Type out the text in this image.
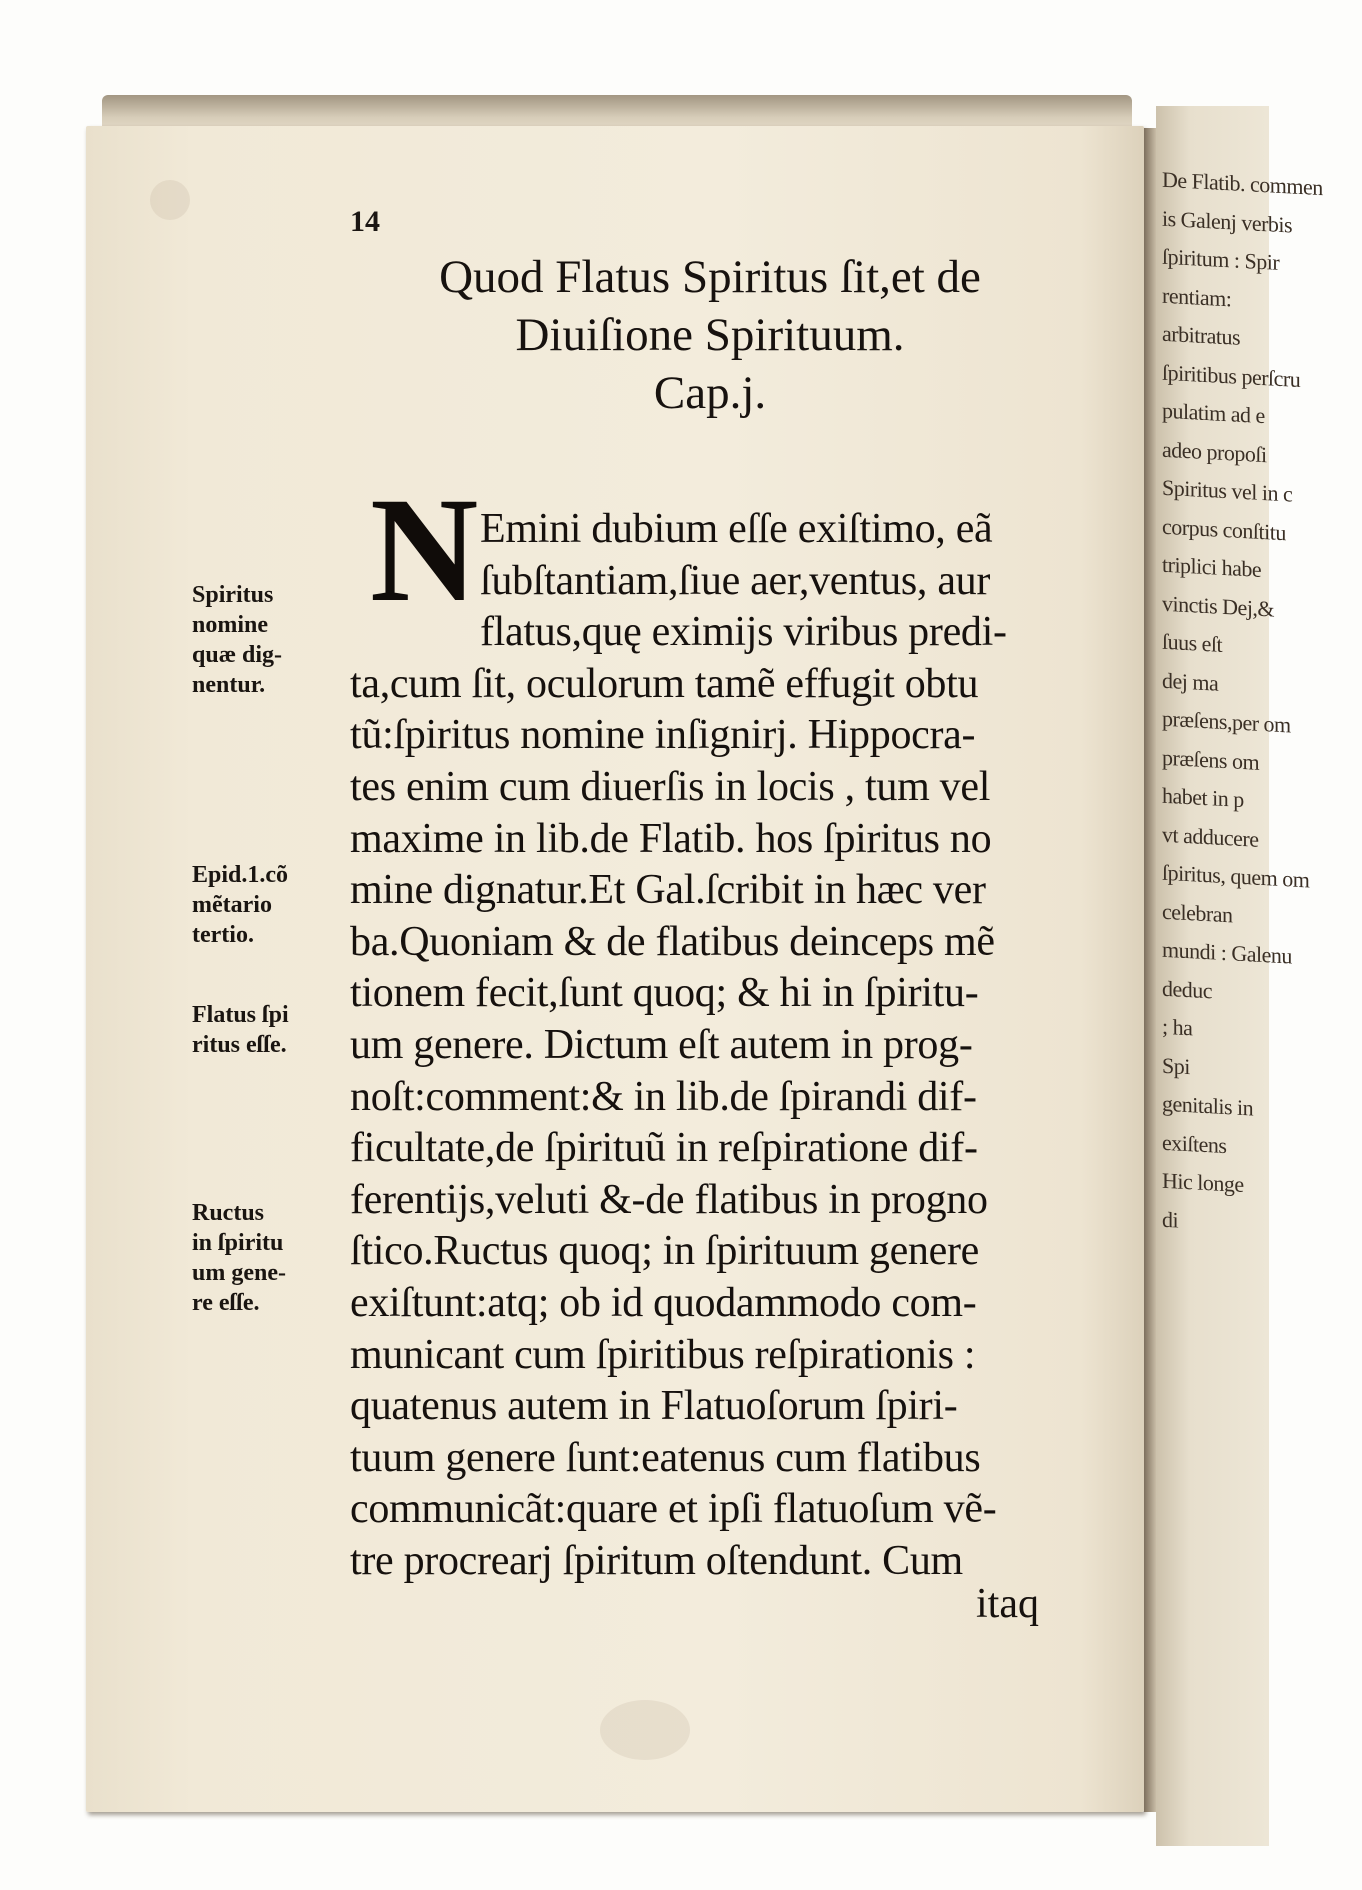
De Flatib. commen
is Galenj verbis
ſpiritum : Spir
rentiam:
arbitratus
ſpiritibus perſcru
pulatim ad e
adeo propoſi
Spiritus vel in c
corpus conſtitu
triplici habe
vinctis Dej,&
ſuus eſt
dej ma
præſens,per om
præſens om
habet in p
vt adducere
ſpiritus, quem om
celebran
mundi : Galenu
deduc
; ha
Spi
genitalis in
exiſtens
Hic longe
di
14
Quod Flatus Spiritus ſit,et de
Diuiſione Spirituum.
Cap.j.
N Emini dubium eſſe exiſtimo, eã
ſubſtantiam,ſiue aer,ventus, aur
flatus,quę eximijs viribus predi-
ta,cum ſit, oculorum tamẽ effugit obtu
tũ:ſpiritus nomine inſignirj. Hippocra-
tes enim cum diuerſis in locis , tum vel
maxime in lib.de Flatib. hos ſpiritus no
mine dignatur.Et Gal.ſcribit in hæc ver
ba.Quoniam & de flatibus deinceps mẽ
tionem fecit,ſunt quoq; & hi in ſpiritu-
um genere. Dictum eſt autem in prog-
noſt:comment:& in lib.de ſpirandi dif-
ficultate,de ſpirituũ in reſpiratione dif-
ferentijs,veluti &-de flatibus in progno
ſtico.Ructus quoq; in ſpirituum genere
exiſtunt:atq; ob id quodammodo com-
municant cum ſpiritibus reſpirationis :
quatenus autem in Flatuoſorum ſpiri-
tuum genere ſunt:eatenus cum flatibus
communicãt:quare et ipſi flatuoſum vẽ-
tre procrearj ſpiritum oſtendunt. Cum
Spiritus
nomine
quæ dig-
nentur.
Epid.1.cõ
mẽtario
tertio.
Flatus ſpi
ritus eſſe.
Ructus
in ſpiritu
um gene-
re eſſe.
itaq
